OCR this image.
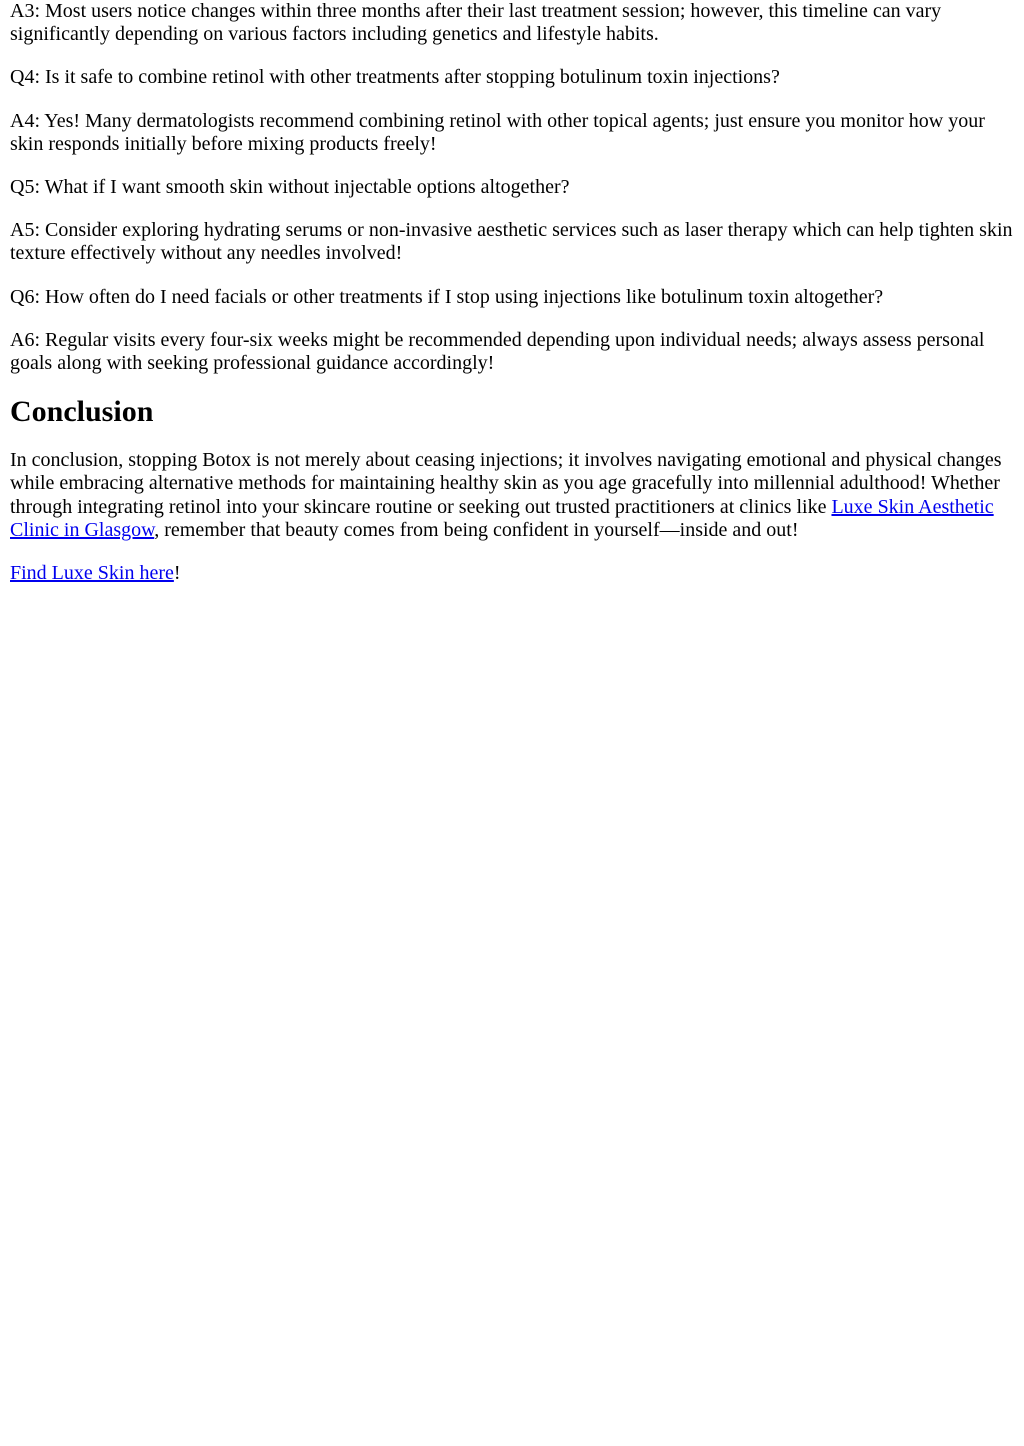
A3: Most users notice changes within three months after their last treatment session; however, this timeline can vary significantly depending on various factors including genetics and lifestyle habits.

Q4: Is it safe to combine retinol with other treatments after stopping botulinum toxin injections?

A4: Yes! Many dermatologists recommend combining retinol with other topical agents; just ensure you monitor how your skin responds initially before mixing products freely!

Q5: What if I want smooth skin without injectable options altogether?

A5: Consider exploring hydrating serums or non-invasive aesthetic services such as laser therapy which can help tighten skin texture effectively without any needles involved!

Q6: How often do I need facials or other treatments if I stop using injections like botulinum toxin altogether?

A6: Regular visits every four-six weeks might be recommended depending upon individual needs; always assess personal goals along with seeking professional guidance accordingly!

Conclusion

In conclusion, stopping Botox is not merely about ceasing injections; it involves navigating emotional and physical changes while embracing alternative methods for maintaining healthy skin as you age gracefully into millennial adulthood! Whether through integrating retinol into your skincare routine or seeking out trusted practitioners at clinics like Luxe Skin Aesthetic Clinic in Glasgow, remember that beauty comes from being confident in yourself—inside and out!

Find Luxe Skin here!
